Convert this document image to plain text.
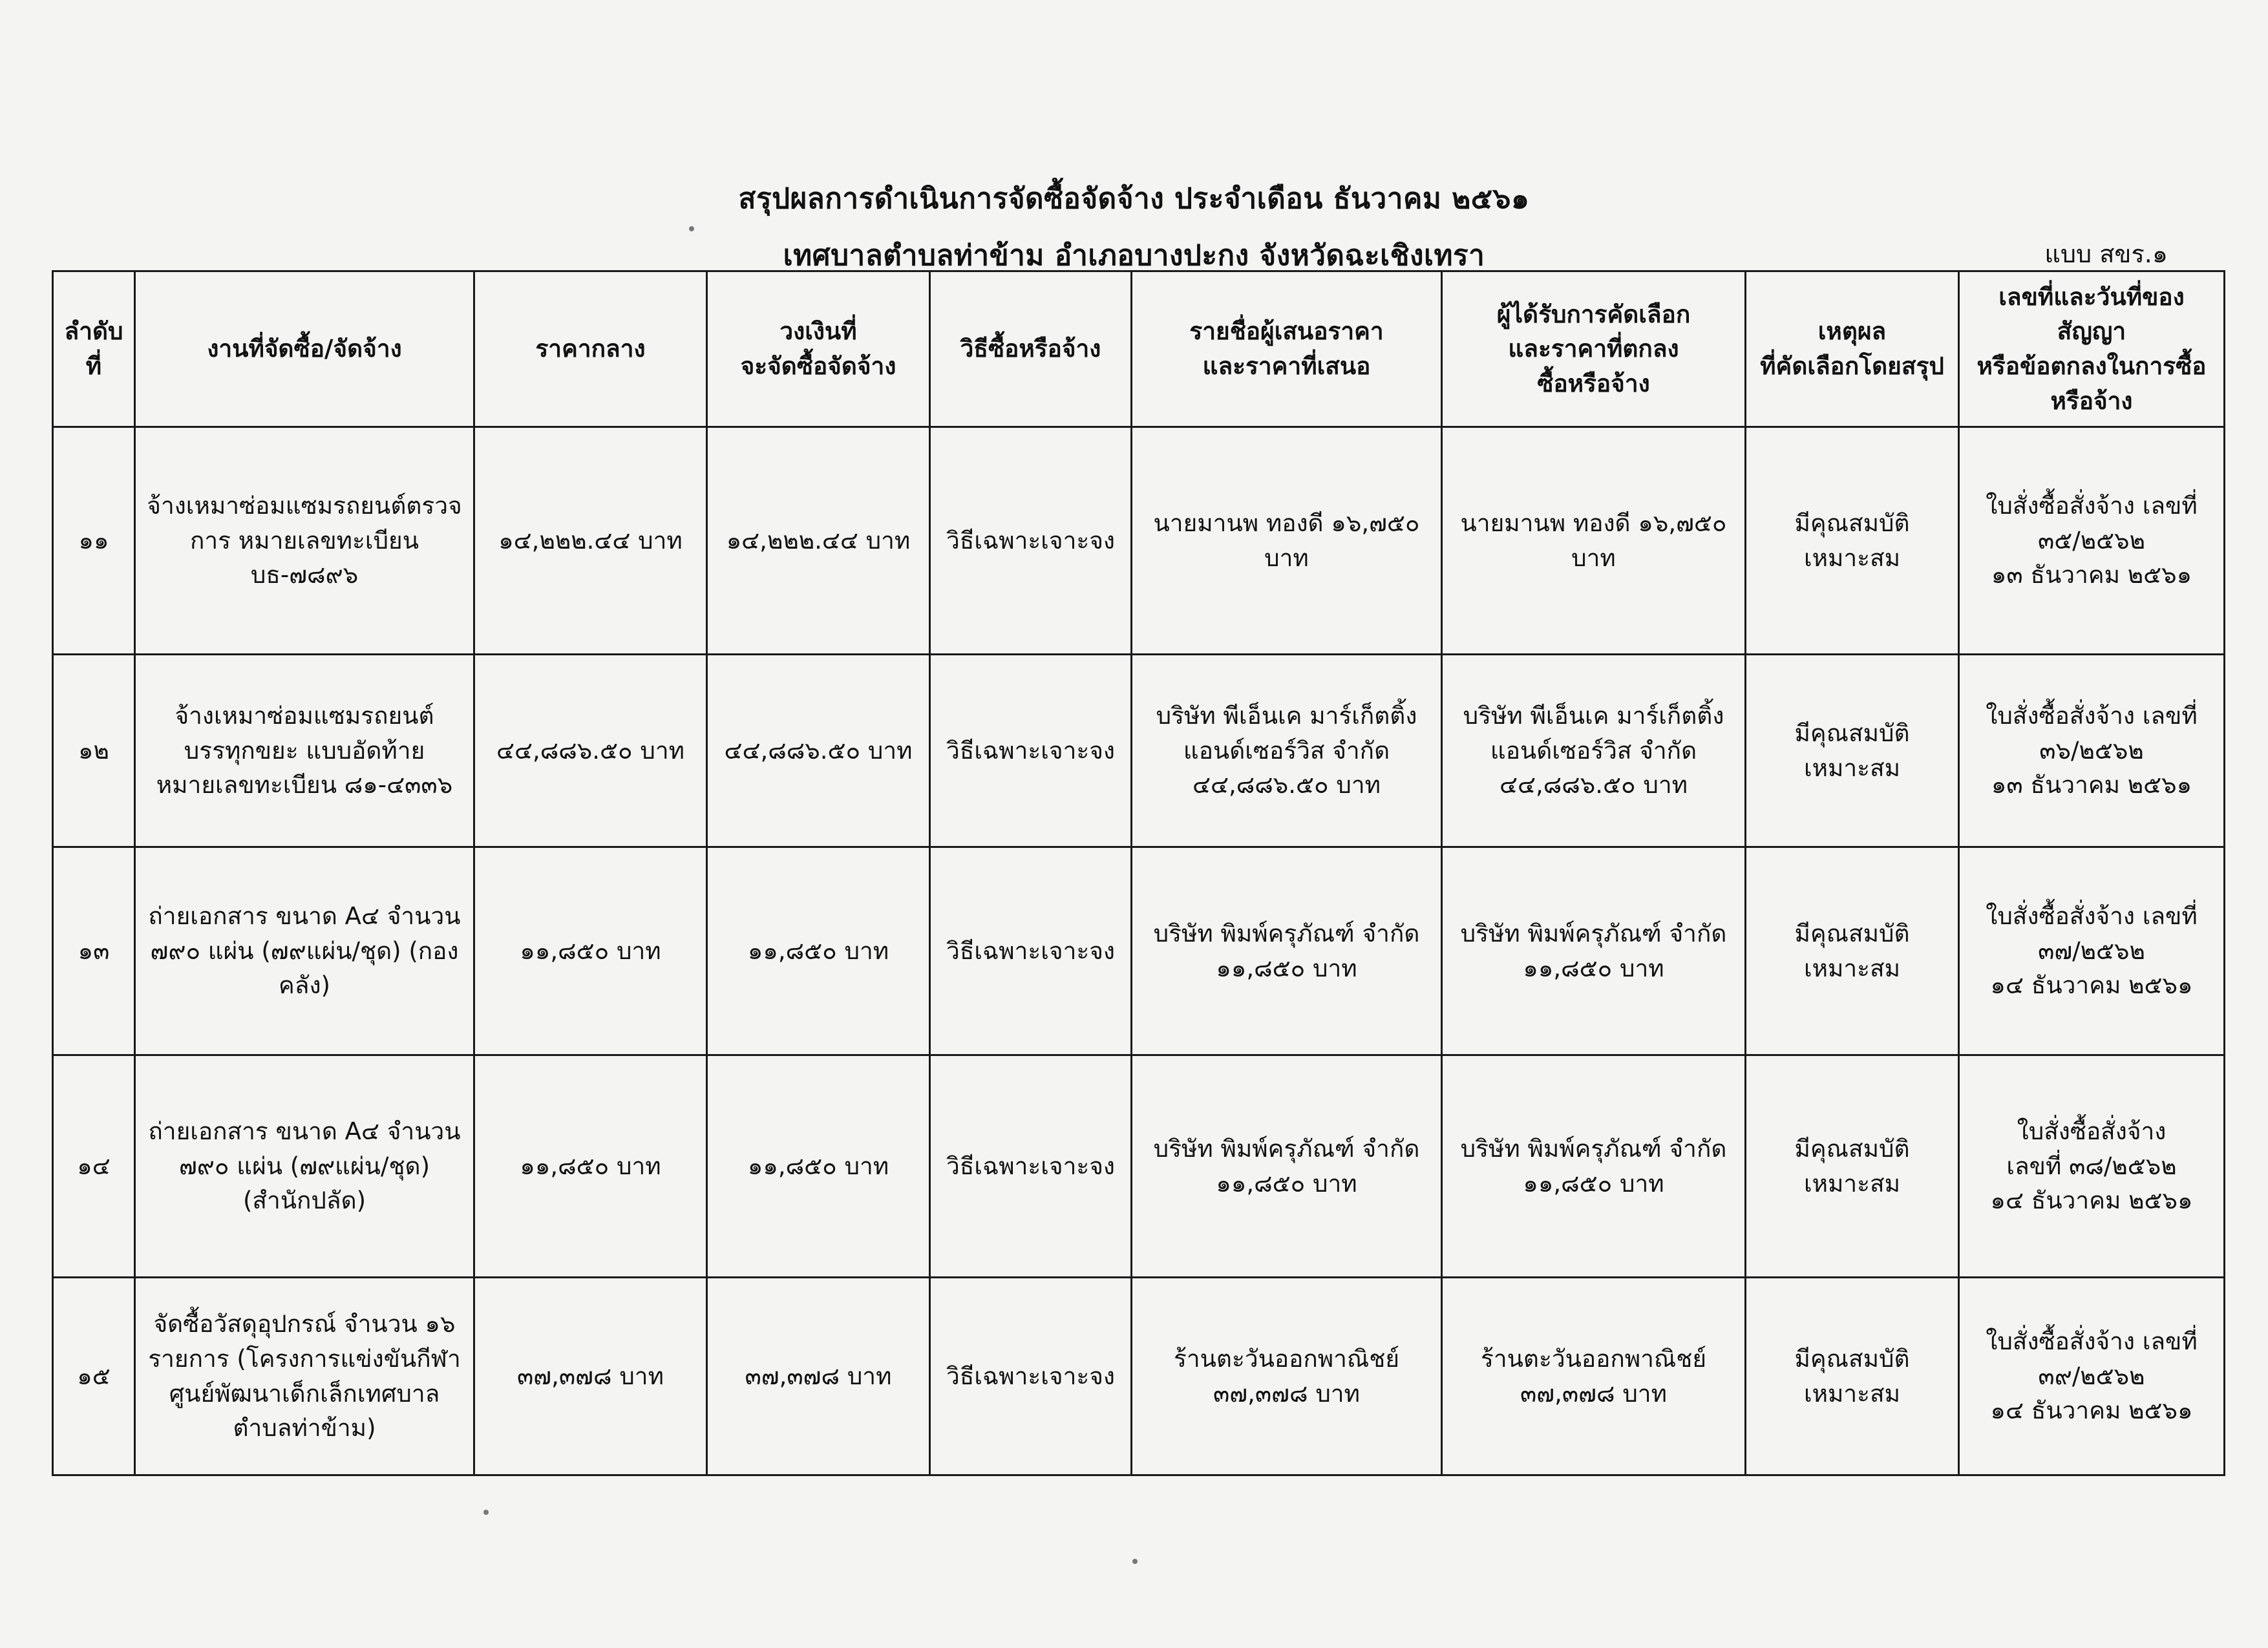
สรุปผลการดำเนินการจัดซื้อจัดจ้าง ประจำเดือน ธันวาคม ๒๕๖๑
เทศบาลตำบลท่าข้าม อำเภอบางปะกง จังหวัดฉะเชิงเทรา	แบบ สขร.๑
ลำดับที่	งานที่จัดซื้อ/จัดจ้าง	ราคากลาง	วงเงินที่
จะจัดซื้อจัดจ้าง	วิธีซื้อหรือจ้าง	รายชื่อผู้เสนอราคา
และราคาที่เสนอ	ผู้ได้รับการคัดเลือก
และราคาที่ตกลง
ซื้อหรือจ้าง	เหตุผล
ที่คัดเลือกโดยสรุป	เลขที่และวันที่ของสัญญา
หรือข้อตกลงในการซื้อ
หรือจ้าง
๑๑	จ้างเหมาซ่อมแซมรถยนต์ตรวจการ หมายเลขทะเบียน บธ-๗๘๙๖	๑๔,๒๒๒.๔๔ บาท	๑๔,๒๒๒.๔๔ บาท	วิธีเฉพาะเจาะจง	นายมานพ ทองดี ๑๖,๗๕๐
บาท	นายมานพ ทองดี ๑๖,๗๕๐
บาท	มีคุณสมบัติ
เหมาะสม	ใบสั่งซื้อสั่งจ้าง เลขที่
๓๕/๒๕๖๒
๑๓ ธันวาคม ๒๕๖๑
๑๒	จ้างเหมาซ่อมแซมรถยนต์
บรรทุกขยะ แบบอัดท้าย
หมายเลขทะเบียน ๘๑-๔๓๓๖	๔๔,๘๘๖.๕๐ บาท	๔๔,๘๘๖.๕๐ บาท	วิธีเฉพาะเจาะจง	บริษัท พีเอ็นเค มาร์เก็ตติ้ง
แอนด์เซอร์วิส จำกัด
๔๔,๘๘๖.๕๐ บาท	บริษัท พีเอ็นเค มาร์เก็ตติ้ง
แอนด์เซอร์วิส จำกัด
๔๔,๘๘๖.๕๐ บาท	มีคุณสมบัติ
เหมาะสม	ใบสั่งซื้อสั่งจ้าง เลขที่
๓๖/๒๕๖๒
๑๓ ธันวาคม ๒๕๖๑
๑๓	ถ่ายเอกสาร ขนาด A๔ จำนวน ๗๙๐ แผ่น (๗๙แผ่น/ชุด) (กองคลัง)	๑๑,๘๕๐ บาท	๑๑,๘๕๐ บาท	วิธีเฉพาะเจาะจง	บริษัท พิมพ์ครุภัณฑ์ จำกัด
๑๑,๘๕๐ บาท	บริษัท พิมพ์ครุภัณฑ์ จำกัด
๑๑,๘๕๐ บาท	มีคุณสมบัติ
เหมาะสม	ใบสั่งซื้อสั่งจ้าง เลขที่
๓๗/๒๕๖๒
๑๔ ธันวาคม ๒๕๖๑
๑๔	ถ่ายเอกสาร ขนาด A๔ จำนวน
๗๙๐ แผ่น (๗๙แผ่น/ชุด)
(สำนักปลัด)	๑๑,๘๕๐ บาท	๑๑,๘๕๐ บาท	วิธีเฉพาะเจาะจง	บริษัท พิมพ์ครุภัณฑ์ จำกัด
๑๑,๘๕๐ บาท	บริษัท พิมพ์ครุภัณฑ์ จำกัด
๑๑,๘๕๐ บาท	มีคุณสมบัติ
เหมาะสม	ใบสั่งซื้อสั่งจ้าง
เลขที่ ๓๘/๒๕๖๒
๑๔ ธันวาคม ๒๕๖๑
๑๕	จัดซื้อวัสดุอุปกรณ์ จำนวน ๑๖
รายการ (โครงการแข่งขันกีฬา
ศูนย์พัฒนาเด็กเล็กเทศบาล
ตำบลท่าข้าม)	๓๗,๓๗๘ บาท	๓๗,๓๗๘ บาท	วิธีเฉพาะเจาะจง	ร้านตะวันออกพาณิชย์
๓๗,๓๗๘ บาท	ร้านตะวันออกพาณิชย์
๓๗,๓๗๘ บาท	มีคุณสมบัติ
เหมาะสม	ใบสั่งซื้อสั่งจ้าง เลขที่
๓๙/๒๕๖๒
๑๔ ธันวาคม ๒๕๖๑
